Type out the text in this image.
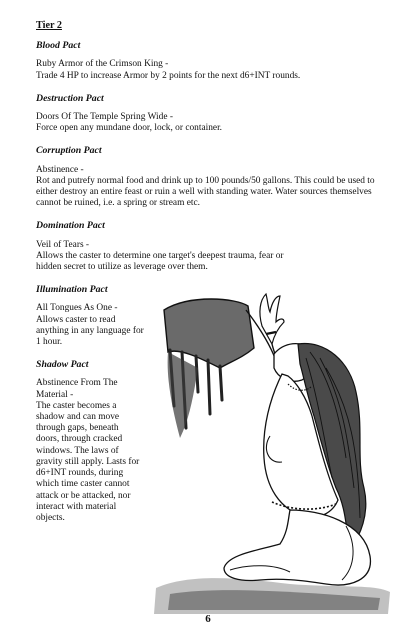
Tier 2
Blood Pact

Ruby Armor of the Crimson King -

Trade 4 HP to increase Armor by 2 points for the next d6+INT rounds.

Destruction Pact

Doors Of The Temple Spring Wide -

Force open any mundane door, lock, or container.

Corruption Pact

Abstinence -

Rot and putrefy normal food and drink up to 100 pounds/50 gallons. This could be used to either destroy an entire feast or ruin a well with standing water. Water sources themselves cannot be ruined, i.e. a spring or stream etc.

Domination Pact

Veil of Tears -

Allows the caster to determine one target's deepest trauma, fear or hidden secret to utilize as leverage over them.

Illumination Pact

All Tongues As One -

Allows caster to read anything in any language for 1 hour.

Shadow Pact

Abstinence From The Material -

The caster becomes a shadow and can move through gaps, beneath doors, through cracked windows. The laws of gravity still apply. Lasts for d6+INT rounds, during which time caster cannot attack or be attacked, nor interact with material objects.

6
